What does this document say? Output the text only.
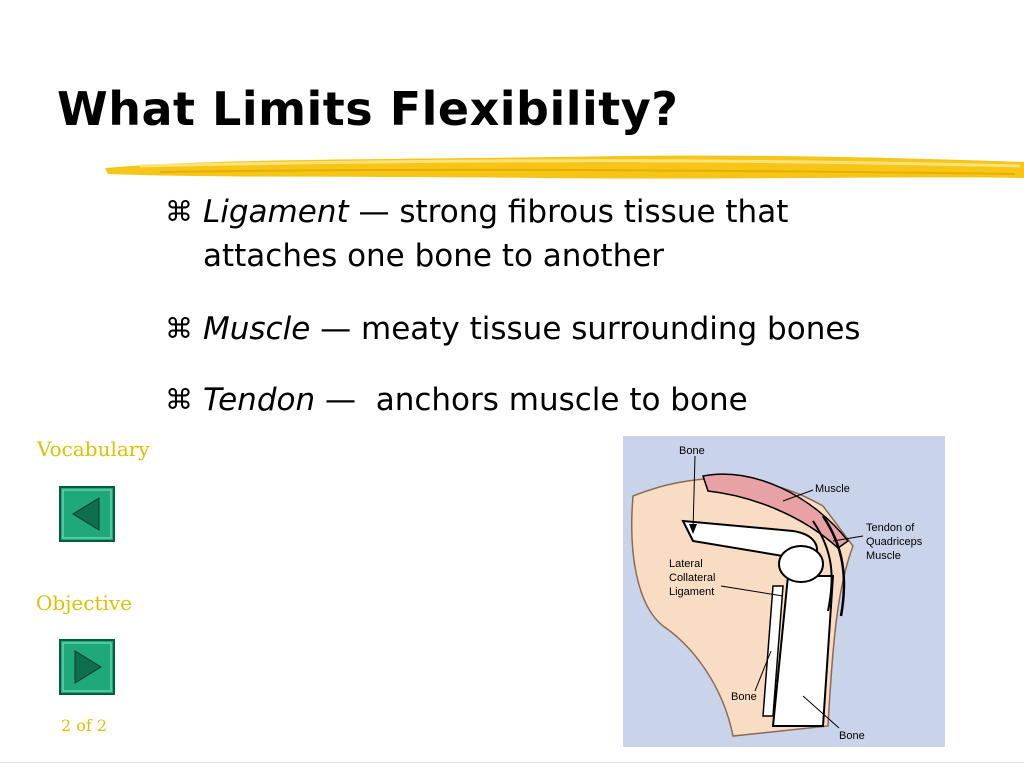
What Limits Flexibility?
⌘ Ligament — strong fibrous tissue that
attaches one bone to another
⌘ Muscle — meaty tissue surrounding bones
⌘ Tendon —  anchors muscle to bone
Vocabulary
Objective
2 of 2
Bone
Muscle
Tendon of
Quadriceps
Muscle
Lateral
Collateral
Ligament
Bone
Bone
